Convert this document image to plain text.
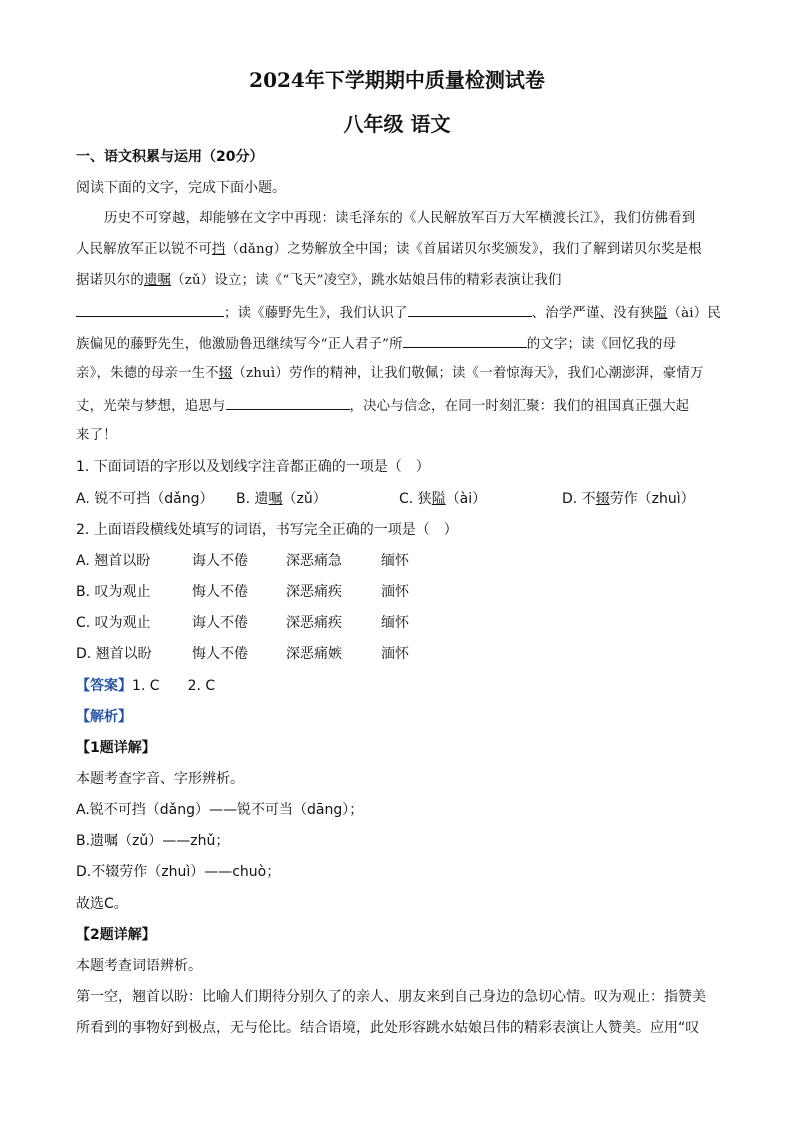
2024年下学期期中质量检测试卷
八年级 语文
一、语文积累与运用（20分）
阅读下面的文字，完成下面小题。
历史不可穿越，却能够在文字中再现：读毛泽东的《人民解放军百万大军横渡长江》，我们仿佛看到
人民解放军正以锐不可挡（dǎng）之势解放全中国；读《首届诺贝尔奖颁发》，我们了解到诺贝尔奖是根
据诺贝尔的遗嘱（zǔ）设立；读《“飞天”凌空》，跳水姑娘吕伟的精彩表演让我们
；读《藤野先生》，我们认识了	、治学严谨、没有狭隘（ài）民
族偏见的藤野先生，他激励鲁迅继续写今“正人君子”所	的文字；读《回忆我的母
亲》，朱德的母亲一生不辍（zhuì）劳作的精神，让我们敬佩；读《一着惊海天》，我们心潮澎湃，豪情万
丈，光荣与梦想，追思与	，决心与信念，在同一时刻汇聚：我们的祖国真正强大起
来了！
1. 下面词语的字形以及划线字注音都正确的一项是（　）
A. 锐不可挡（dǎng） B. 遗嘱（zǔ）	C. 狭隘（ài）	D. 不辍劳作（zhuì）
2. 上面语段横线处填写的词语，书写完全正确的一项是（　）
A. 翘首以盼	诲人不倦	深恶痛急	缅怀
B. 叹为观止	悔人不倦	深恶痛疾	湎怀
C. 叹为观止	诲人不倦	深恶痛疾	缅怀
D. 翘首以盼	悔人不倦	深恶痛嫉	湎怀
【答案】1. C　　2. C
【解析】
【1题详解】
本题考查字音、字形辨析。
A.锐不可挡（dǎng）——锐不可当（dāng）；
B.遗嘱（zǔ）——zhǔ；
D.不辍劳作（zhuì）——chuò；
故选C。
【2题详解】
本题考查词语辨析。
第一空，翘首以盼：比喻人们期待分别久了的亲人、朋友来到自己身边的急切心情。叹为观止：指赞美
所看到的事物好到极点，无与伦比。结合语境，此处形容跳水姑娘吕伟的精彩表演让人赞美。应用“叹
